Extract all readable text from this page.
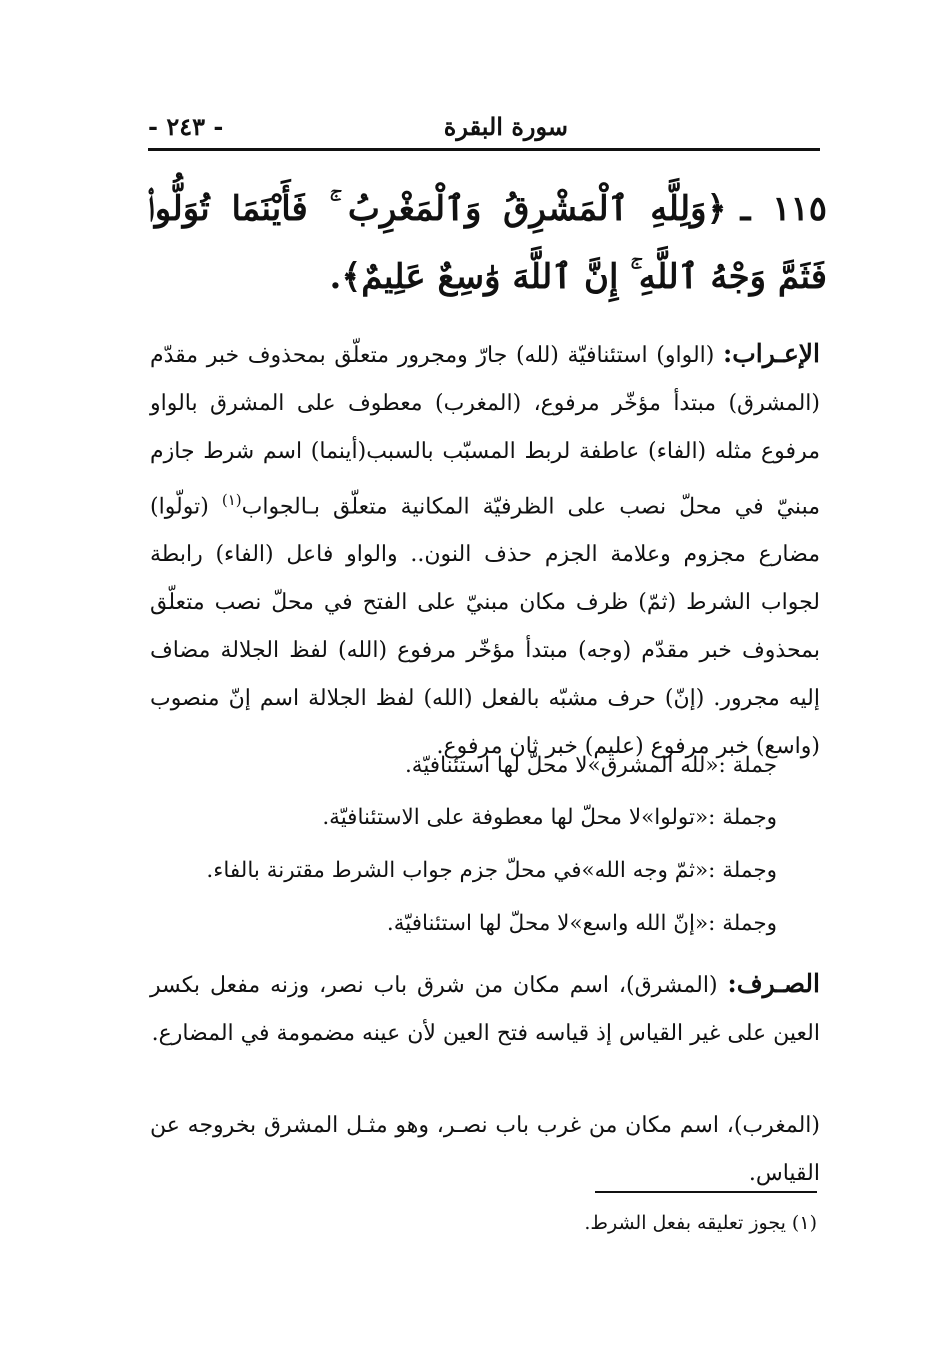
- ٢٤٣ -	سورة البقرة
١١٥ ـ﴿وَلِلَّهِ ٱلْمَشْرِقُ وَٱلْمَغْرِبُ ۚ فَأَيْنَمَا تُوَلُّوا۟ فَثَمَّ وَجْهُ ٱللَّهِ ۚ إِنَّ ٱللَّهَ وَٰسِعٌ عَلِيمٌ﴾.
الإعـراب: (الواو) استئنافيّة (لله) جارّ ومجرور متعلّق بمحذوف خبر مقدّم (المشرق) مبتدأ مؤخّر مرفوع، (المغرب) معطوف على المشرق بالواو مرفوع مثله (الفاء) عاطفة لربط المسبّب بالسبب(أينما) اسم شرط جازم مبنيّ في محلّ نصب على الظرفيّة المكانية متعلّق بـالجواب$^{(١)}$ (تولّوا) مضارع مجزوم وعلامة الجزم حذف النون.. والواو فاعل (الفاء) رابطة لجواب الشرط (ثمّ) ظرف مكان مبنيّ على الفتح في محلّ نصب متعلّق بمحذوف خبر مقدّم (وجه) مبتدأ مؤخّر مرفوع (الله) لفظ الجلالة مضاف إليه مجرور. (إنّ) حرف مشبّه بالفعل (الله) لفظ الجلالة اسم إنّ منصوب (واسع) خبر مرفوع (عليم) خبر ثان مرفوع.
جملة :«لله المشرق»لا محلّ لها استئنافيّة.
وجملة :«تولوا»لا محلّ لها معطوفة على الاستئنافيّة.
وجملة :«ثمّ وجه الله»في محلّ جزم جواب الشرط مقترنة بالفاء.
وجملة :«إنّ الله واسع»لا محلّ لها استئنافيّة.
الصـرف: (المشرق)، اسم مكان من شرق باب نصر، وزنه مفعل بكسر العين على غير القياس إذ قياسه فتح العين لأن عينه مضمومة في المضارع.
(المغرب)، اسم مكان من غرب باب نصـر، وهو مثـل المشرق بخروجه عن القياس.
(١) يجوز تعليقه بفعل الشرط.
